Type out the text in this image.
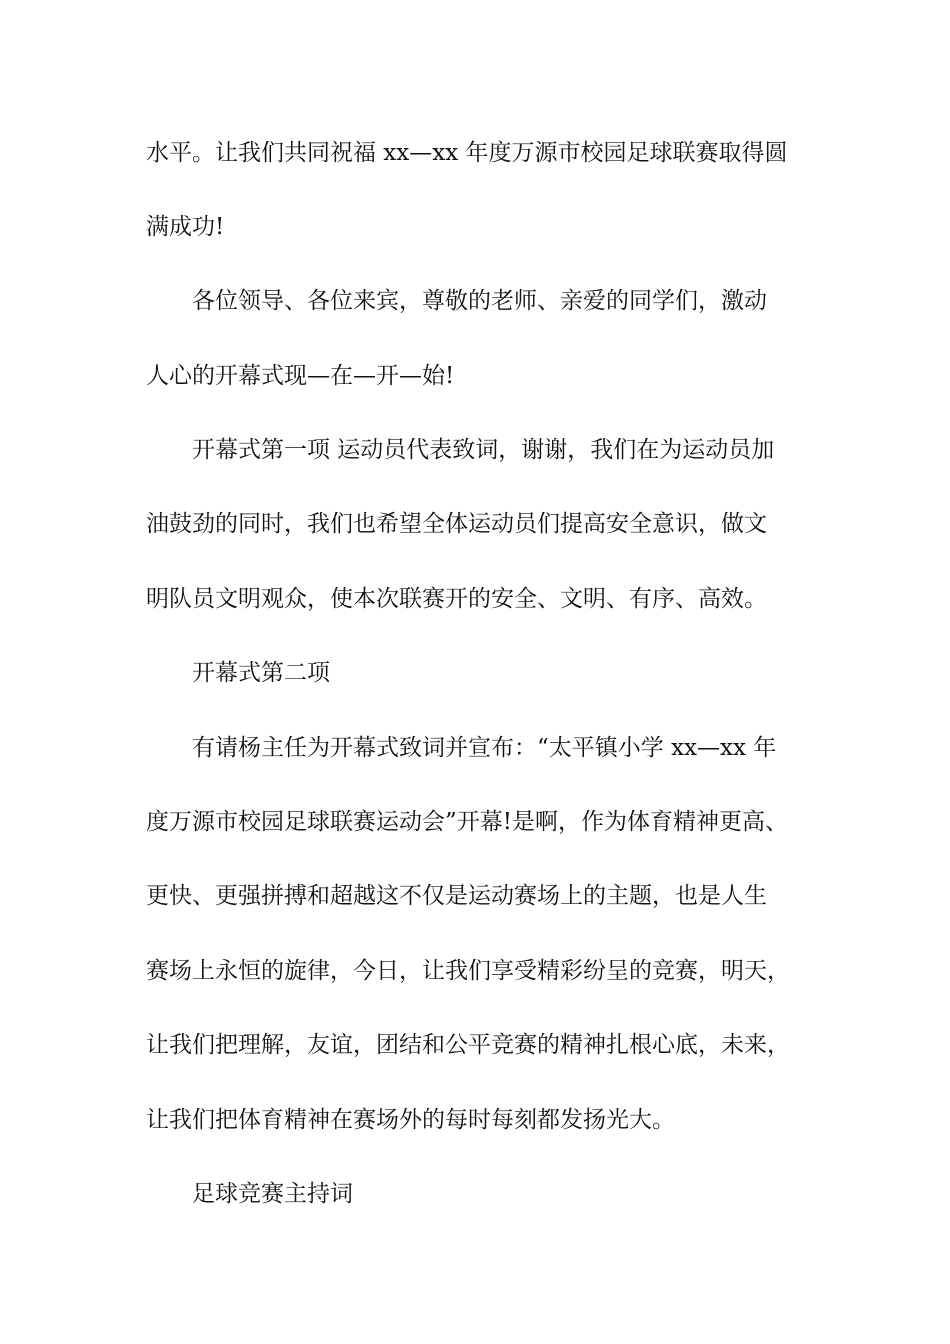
水平。让我们共同祝福 xx—xx 年度万源市校园足球联赛取得圆
满成功!
各位领导、各位来宾，尊敬的老师、亲爱的同学们，激动
人心的开幕式现—在—开—始!
开幕式第一项 运动员代表致词，谢谢，我们在为运动员加
油鼓劲的同时，我们也希望全体运动员们提高安全意识，做文
明队员文明观众，使本次联赛开的安全、文明、有序、高效。
开幕式第二项
有请杨主任为开幕式致词并宣布：“太平镇小学 xx—xx 年
度万源市校园足球联赛运动会”开幕!是啊，作为体育精神更高、
更快、更强拼搏和超越这不仅是运动赛场上的主题，也是人生
赛场上永恒的旋律，今日，让我们享受精彩纷呈的竞赛，明天，
让我们把理解，友谊，团结和公平竞赛的精神扎根心底，未来，
让我们把体育精神在赛场外的每时每刻都发扬光大。
足球竞赛主持词
